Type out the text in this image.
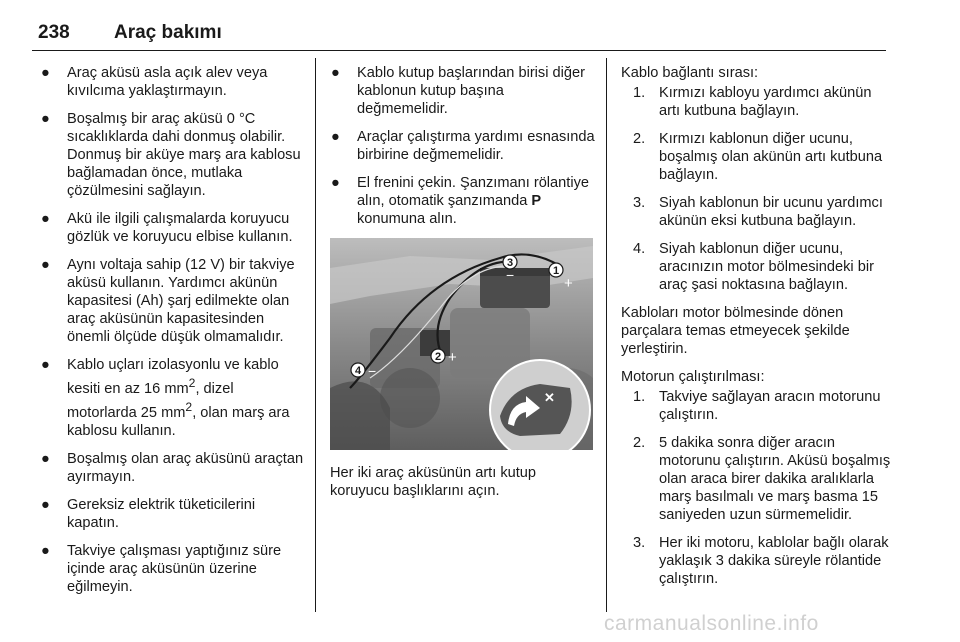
238 Araç bakımı
● Araç aküsü asla açık alev veya kıvılcıma yaklaştırmayın.
● Boşalmış bir araç aküsü 0 °C sıcaklıklarda dahi donmuş olabilir. Donmuş bir aküye marş ara kablosu bağlamadan önce, mutlaka çözülmesini sağlayın.
● Akü ile ilgili çalışmalarda koruyucu gözlük ve koruyucu elbise kullanın.
● Aynı voltaja sahip (12 V) bir takviye aküsü kullanın. Yardımcı akünün kapasitesi (Ah) şarj edilmekte olan araç aküsünün kapasitesinden önemli ölçüde düşük olmamalıdır.
● Kablo uçları izolasyonlu ve kablo kesiti en az 16 $mm^2$, dizel motorlarda 25 $mm^2$, olan marş ara kablosu kullanın.
● Boşalmış olan araç aküsünü araçtan ayırmayın.
● Gereksiz elektrik tüketicilerini kapatın.
● Takviye çalışması yaptığınız süre içinde araç aküsünün üzerine eğilmeyin.
● Kablo kutup başlarından birisi diğer kablonun kutup başına değmemelidir.
● Araçlar çalıştırma yardımı esnasında birbirine değmemelidir.
● El frenini çekin. Şanzımanı rölantiye alın, otomatik şanzımanda P konumuna alın.
3
1
2
4
−	+
+
−
✕

Her iki araç aküsünün artı kutup koruyucu başlıklarını açın.

Kablo bağlantı sırası:

1. Kırmızı kabloyu yardımcı akünün artı kutbuna bağlayın.
2. Kırmızı kablonun diğer ucunu, boşalmış olan akünün artı kutbuna bağlayın.
3. Siyah kablonun bir ucunu yardımcı akünün eksi kutbuna bağlayın.
4. Siyah kablonun diğer ucunu, aracınızın motor bölmesindeki bir araç şasi noktasına bağlayın.

Kabloları motor bölmesinde dönen parçalara temas etmeyecek şekilde yerleştirin.

Motorun çalıştırılması:

1. Takviye sağlayan aracın motorunu çalıştırın.
2. 5 dakika sonra diğer aracın motorunu çalıştırın. Aküsü boşalmış olan araca birer dakika aralıklarla marş basılmalı ve marş basma 15 saniyeden uzun sürmemelidir.
3. Her iki motoru, kablolar bağlı olarak yaklaşık 3 dakika süreyle rölantide çalıştırın.
carmanualsonline.info
